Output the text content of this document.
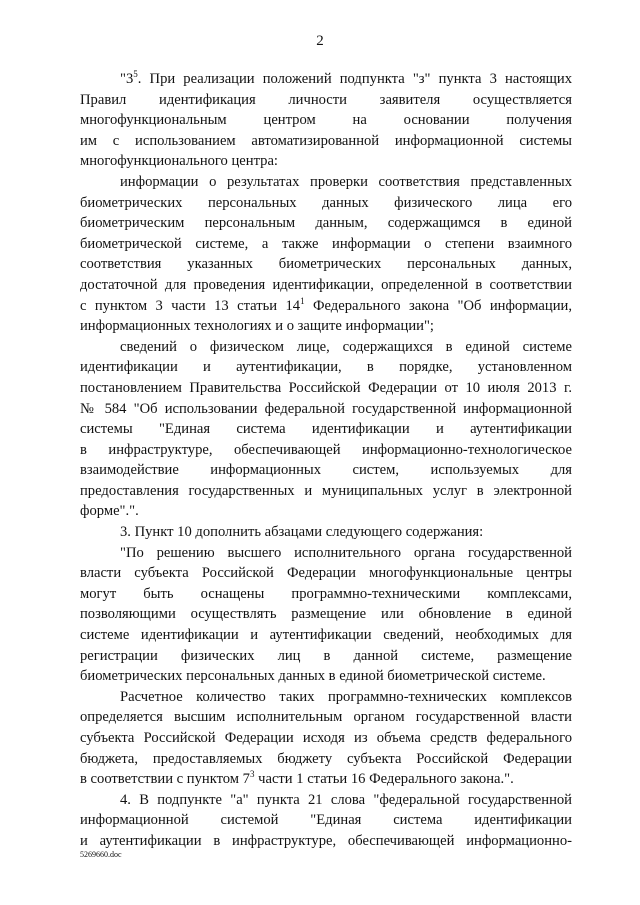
2
"$3^5$. При реализации положений подпункта "з" пункта 3 настоящих
Правил идентификация личности заявителя осуществляется
многофункциональным центром на основании получения
им с использованием автоматизированной информационной системы
многофункционального центра:
информации о результатах проверки соответствия представленных
биометрических персональных данных физического лица его
биометрическим персональным данным, содержащимся в единой
биометрической системе, а также информации о степени взаимного
соответствия указанных биометрических персональных данных,
достаточной для проведения идентификации, определенной в соответствии
с пунктом 3 части 13 статьи $14^1$ Федерального закона "Об информации,
информационных технологиях и о защите информации";
сведений о физическом лице, содержащихся в единой системе
идентификации и аутентификации, в порядке, установленном
постановлением Правительства Российской Федерации от 10 июля 2013 г.
№ 584 "Об использовании федеральной государственной информационной
системы "Единая система идентификации и аутентификации
в инфраструктуре, обеспечивающей информационно-технологическое
взаимодействие информационных систем, используемых для
предоставления государственных и муниципальных услуг в электронной
форме".".
3. Пункт 10 дополнить абзацами следующего содержания:
"По решению высшего исполнительного органа государственной
власти субъекта Российской Федерации многофункциональные центры
могут быть оснащены программно-техническими комплексами,
позволяющими осуществлять размещение или обновление в единой
системе идентификации и аутентификации сведений, необходимых для
регистрации физических лиц в данной системе, размещение
биометрических персональных данных в единой биометрической системе.
Расчетное количество таких программно-технических комплексов
определяется высшим исполнительным органом государственной власти
субъекта Российской Федерации исходя из объема средств федерального
бюджета, предоставляемых бюджету субъекта Российской Федерации
в соответствии с пунктом $7^3$ части 1 статьи 16 Федерального закона.".
4. В подпункте "а" пункта 21 слова "федеральной государственной
информационной системой "Единая система идентификации
и аутентификации в инфраструктуре, обеспечивающей информационно-
5269660.doc
